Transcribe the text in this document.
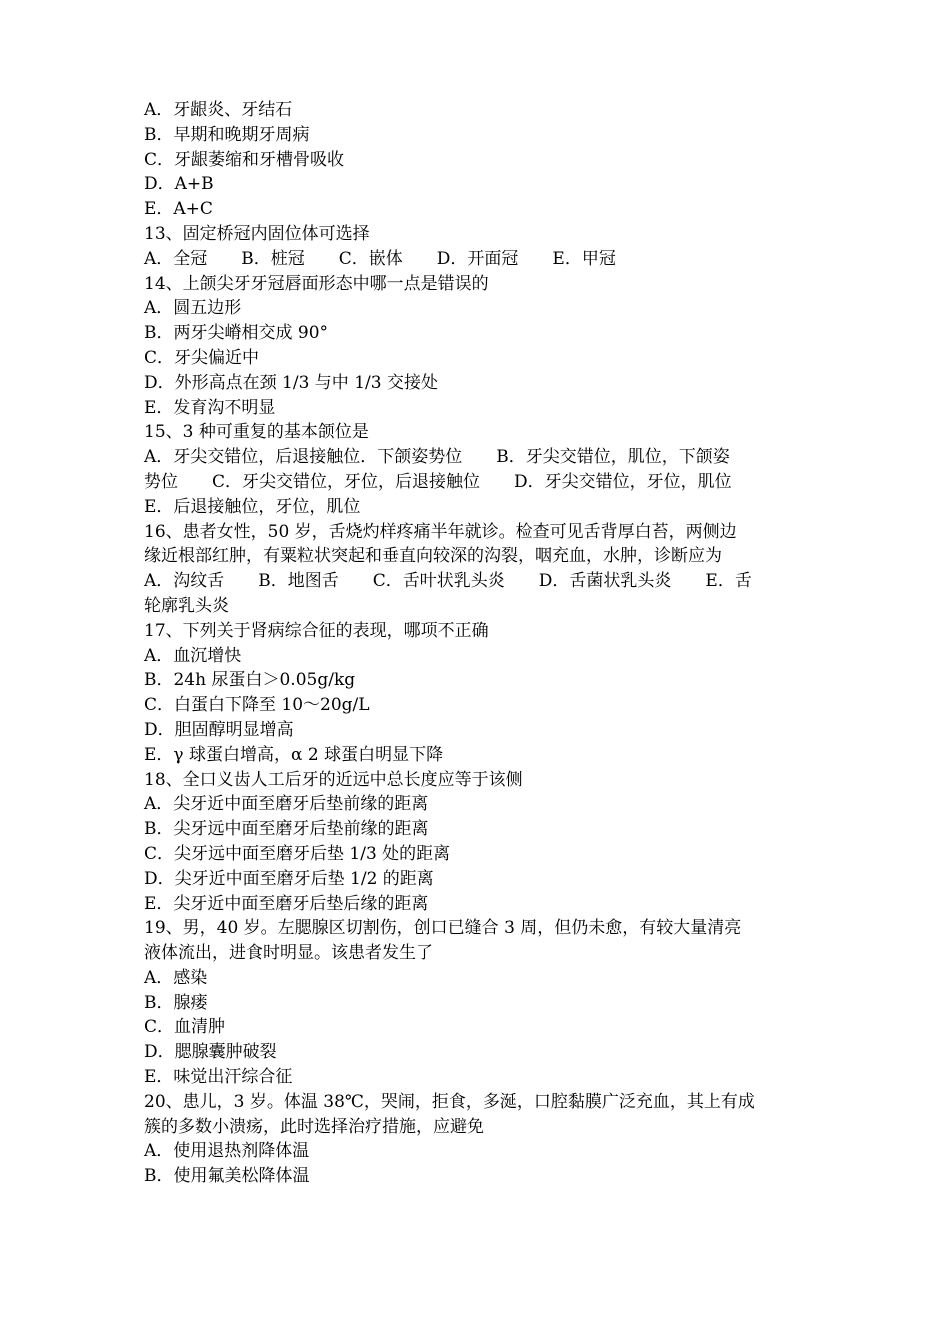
A．牙龈炎、牙结石
B．早期和晚期牙周病
C．牙龈萎缩和牙槽骨吸收
D．A+B
E．A+C
13、固定桥冠内固位体可选择
A．全冠　　B．桩冠　　C．嵌体　　D．开面冠　　E．甲冠
14、上颌尖牙牙冠唇面形态中哪一点是错误的
A．圆五边形
B．两牙尖嵴相交成 90°
C．牙尖偏近中
D．外形高点在颈 1/3 与中 1/3 交接处
E．发育沟不明显
15、3 种可重复的基本颌位是
A．牙尖交错位，后退接触位．下颌姿势位　　B．牙尖交错位，肌位，下颌姿
势位　　C．牙尖交错位，牙位，后退接触位　　D．牙尖交错位，牙位，肌位
E．后退接触位，牙位，肌位
16、患者女性，50 岁，舌烧灼样疼痛半年就诊。检查可见舌背厚白苔，两侧边
缘近根部红肿，有粟粒状突起和垂直向较深的沟裂，咽充血，水肿，诊断应为
A．沟纹舌　　B．地图舌　　C．舌叶状乳头炎　　D．舌菌状乳头炎　　E．舌
轮廓乳头炎
17、下列关于肾病综合征的表现，哪项不正确
A．血沉增快
B．24h 尿蛋白＞0.05g/kg
C．白蛋白下降至 10～20g/L
D．胆固醇明显增高
E．γ 球蛋白增高，α 2 球蛋白明显下降
18、全口义齿人工后牙的近远中总长度应等于该侧
A．尖牙近中面至磨牙后垫前缘的距离
B．尖牙远中面至磨牙后垫前缘的距离
C．尖牙远中面至磨牙后垫 1/3 处的距离
D．尖牙近中面至磨牙后垫 1/2 的距离
E．尖牙近中面至磨牙后垫后缘的距离
19、男，40 岁。左腮腺区切割伤，创口已缝合 3 周，但仍未愈，有较大量清亮
液体流出，进食时明显。该患者发生了
A．感染
B．腺瘘
C．血清肿
D．腮腺囊肿破裂
E．味觉出汗综合征
20、患儿，3 岁。体温 38℃，哭闹，拒食，多涎，口腔黏膜广泛充血，其上有成
簇的多数小溃疡，此时选择治疗措施，应避免
A．使用退热剂降体温
B．使用氟美松降体温
